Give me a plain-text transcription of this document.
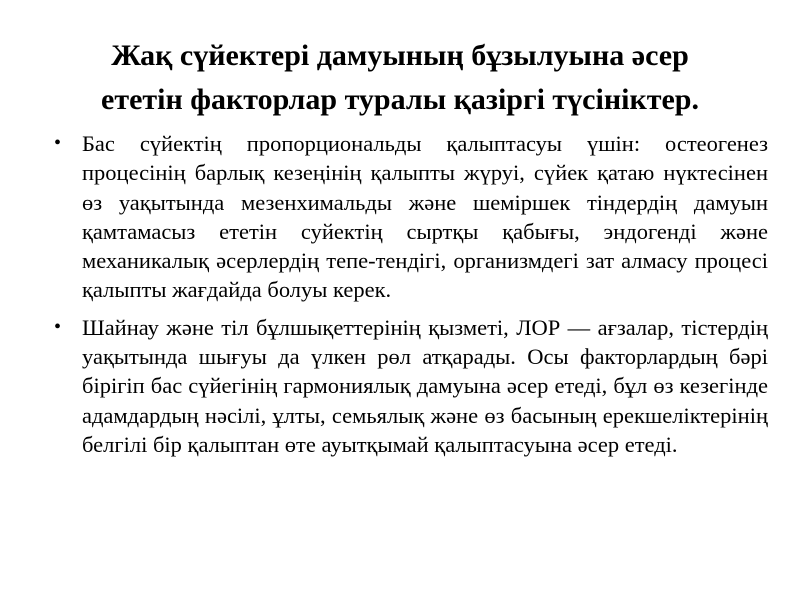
Жақ сүйектері дамуының бұзылуына әсер
ететін факторлар туралы қазіргі түсініктер.
• Бас сүйектің пропорциональды қалыптасуы үшін: остеогенез процесінің барлық кезеңінің қалыпты жүруі, сүйек қатаю нүктесінен өз уақытында мезенхимальды және шеміршек тіндердің дамуын қамтамасыз ететін суйектің сыртқы қабығы, эндогенді және механикалық әсерлердің тепе-тендігі, организмдегі зат алмасу процесі қалыпты жағдайда болуы керек.
• Шайнау және тіл бұлшықеттерінің қызметі, ЛОР — ағзалар, тістердің уақытында шығуы да үлкен рөл атқарады. Осы факторлардың бәрі бірігіп бас сүйегінің гармониялық дамуына әсер етеді, бұл өз кезегінде адамдардың нәсілі, ұлты, семьялық және өз басының ерекшеліктерінің белгілі бір қалыптан өте ауытқымай қалыптасуына әсер етеді.
